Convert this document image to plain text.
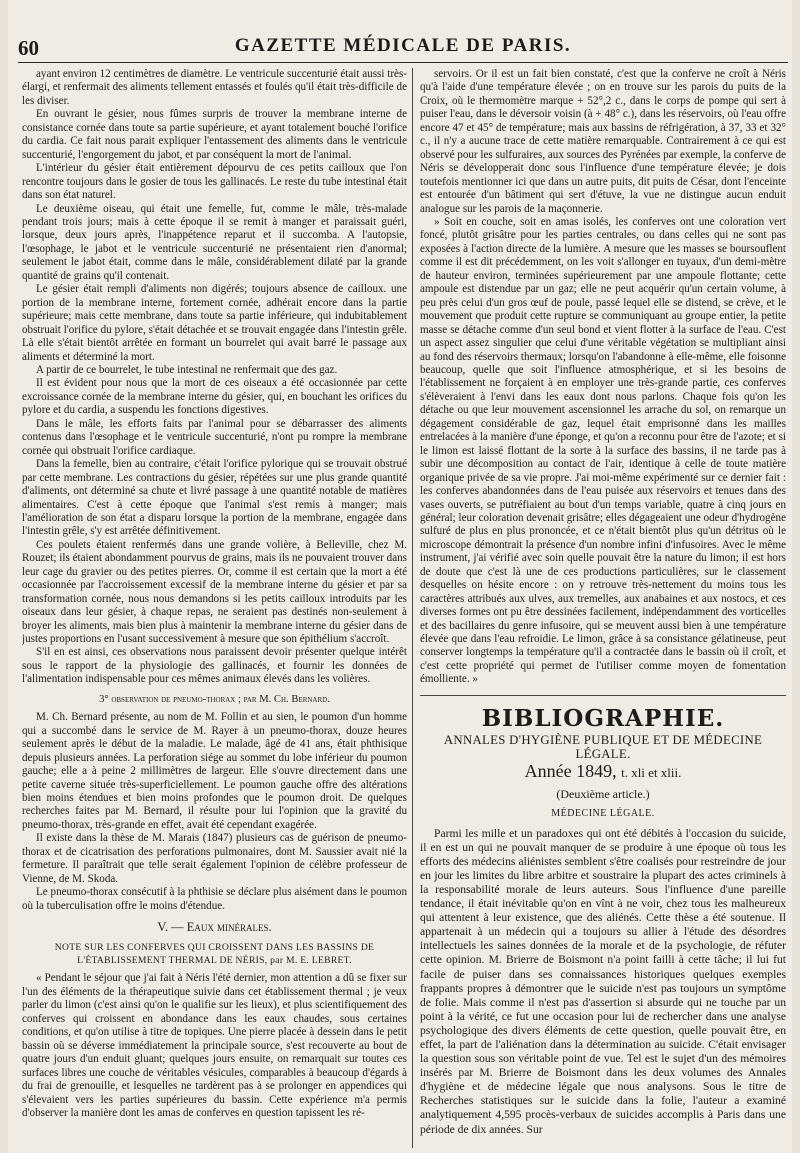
60	GAZETTE MÉDICALE DE PARIS.

ayant environ 12 centimètres de diamètre. Le ventricule succenturié était aussi très-élargi, et renfermait des aliments tellement entassés et foulés qu'il était très-difficile de les diviser.

En ouvrant le gésier, nous fûmes surpris de trouver la membrane interne de consistance cornée dans toute sa partie supérieure, et ayant totalement bouché l'orifice du cardia. Ce fait nous parait expliquer l'entassement des aliments dans le ventricule succenturié, l'engorgement du jabot, et par conséquent la mort de l'animal.

L'intérieur du gésier était entièrement dépourvu de ces petits cailloux que l'on rencontre toujours dans le gosier de tous les gallinacés. Le reste du tube intestinal était dans son état naturel.

Le deuxième oiseau, qui était une femelle, fut, comme le mâle, très-malade pendant trois jours; mais à cette époque il se remit à manger et paraissait guéri, lorsque, deux jours après, l'inappétence reparut et il succomba. A l'autopsie, l'œsophage, le jabot et le ventricule succenturié ne présentaient rien d'anormal; seulement le jabot était, comme dans le mâle, considérablement dilaté par la grande quantité de grains qu'il contenait.

Le gésier était rempli d'aliments non digérés; toujours absence de cailloux. une portion de la membrane interne, fortement cornée, adhérait encore dans la partie supérieure; mais cette membrane, dans toute sa partie inférieure, qui indubitablement obstruait l'orifice du pylore, s'était détachée et se trouvait engagée dans l'intestin grêle. Là elle s'était bientôt arrêtée en formant un bourrelet qui avait barré le passage aux aliments et déterminé la mort.

A partir de ce bourrelet, le tube intestinal ne renfermait que des gaz.

Il est évident pour nous que la mort de ces oiseaux a été occasionnée par cette excroissance cornée de la membrane interne du gésier, qui, en bouchant les orifices du pylore et du cardia, a suspendu les fonctions digestives.

Dans le mâle, les efforts faits par l'animal pour se débarrasser des aliments contenus dans l'œsophage et le ventricule succenturié, n'ont pu rompre la membrane cornée qui obstruait l'orifice cardiaque.

Dans la femelle, bien au contraire, c'était l'orifice pylorique qui se trouvait obstrué par cette membrane. Les contractions du gésier, répétées sur une plus grande quantité d'aliments, ont déterminé sa chute et livré passage à une quantité notable de matières alimentaires. C'est à cette époque que l'animal s'est remis à manger; mais l'amélioration de son état a disparu lorsque la portion de la membrane, engagée dans l'intestin grêle, s'y est arrêtée définitivement.

Ces poulets étaient renfermés dans une grande volière, à Belleville, chez M. Rouzet; ils étaient abondamment pourvus de grains, mais ils ne pouvaient trouver dans leur cage du gravier ou des petites pierres. Or, comme il est certain que la mort a été occasionnée par l'accroissement excessif de la membrane interne du gésier et par sa transformation cornée, nous nous demandons si les petits cailloux introduits par les oiseaux dans leur gésier, à chaque repas, ne seraient pas destinés non-seulement à broyer les aliments, mais bien plus à maintenir la membrane interne du gésier dans de justes proportions en l'usant successivement à mesure que son épithélium s'accroît.

S'il en est ainsi, ces observations nous paraissent devoir présenter quelque intérêt sous le rapport de la physiologie des gallinacés, et fournir les données de l'alimentation indispensable pour ces mêmes animaux élevés dans les volières.

3° observation de pneumo-thorax ; par M. Ch. Bernard.

M. Ch. Bernard présente, au nom de M. Follin et au sien, le poumon d'un homme qui a succombé dans le service de M. Rayer à un pneumo-thorax, douze heures seulement après le début de la maladie. Le malade, âgé de 41 ans, était phthisique depuis plusieurs années. La perforation siége au sommet du lobe inférieur du poumon gauche; elle a à peine 2 millimètres de largeur. Elle s'ouvre directement dans une petite caverne située très-superficiellement. Le poumon gauche offre des altérations bien moins étendues et bien moins profondes que le poumon droit. De quelques recherches faites par M. Bernard, il résulte pour lui l'opinion que la gravité du pneumo-thorax, très-grande en effet, avait été cependant exagérée.

Il existe dans la thèse de M. Marais (1847) plusieurs cas de guérison de pneumo-thorax et de cicatrisation des perforations pulmonaires, dont M. Saussier avait nié la fermeture. Il paraîtrait que telle serait également l'opinion de célèbre professeur de Vienne, de M. Skoda.

Le pneumo-thorax consécutif à la phthisie se déclare plus aisément dans le poumon où la tuberculisation offre le moins d'étendue.

V. — Eaux minérales.

NOTE SUR LES CONFERVES QUI CROISSENT DANS LES BASSINS DE L'ÉTABLISSEMENT THERMAL DE NÉRIS, par M. E. LEBRET.

« Pendant le séjour que j'ai fait à Néris l'été dernier, mon attention a dû se fixer sur l'un des éléments de la thérapeutique suivie dans cet établissement thermal ; je veux parler du limon (c'est ainsi qu'on le qualifie sur les lieux), et plus scientifiquement des conferves qui croissent en abondance dans les eaux chaudes, sous certaines conditions, et qu'on utilise à titre de topiques. Une pierre placée à dessein dans le petit bassin où se déverse immédiatement la principale source, s'est recouverte au bout de quatre jours d'un enduit gluant; quelques jours ensuite, on remarquait sur toutes ces surfaces libres une couche de véritables vésicules, comparables à beaucoup d'égards à du frai de grenouille, et lesquelles ne tardèrent pas à se prolonger en appendices qui s'élevaient vers les parties supérieures du bassin. Cette expérience m'a permis d'observer la manière dont les amas de conferves en question tapissent les ré-

servoirs. Or il est un fait bien constaté, c'est que la conferve ne croît à Néris qu'à l'aide d'une température élevée ; on en trouve sur les parois du puits de la Croix, où le thermomètre marque + 52°,2 c., dans le corps de pompe qui sert à puiser l'eau, dans le déversoir voisin (à + 48° c.), dans les réservoirs, où l'eau offre encore 47 et 45° de température; mais aux bassins de réfrigération, à 37, 33 et 32° c., il n'y a aucune trace de cette matière remarquable. Contrairement à ce qui est observé pour les sulfuraires, aux sources des Pyrénées par exemple, la conferve de Néris se développerait donc sous l'influence d'une température élevée; je dois toutefois mentionner ici que dans un autre puits, dit puits de César, dont l'enceinte est entourée d'un bâtiment qui sert d'étuve, la vue ne distingue aucun enduit analogue sur les parois de la maçonnerie.

» Soit en couche, soit en amas isolés, les conferves ont une coloration vert foncé, plutôt grisâtre pour les parties centrales, ou dans celles qui ne sont pas exposées à l'action directe de la lumière. A mesure que les masses se boursouflent comme il est dit précédemment, on les voit s'allonger en tuyaux, d'un demi-mètre de hauteur environ, terminées supérieurement par une ampoule flottante; cette ampoule est distendue par un gaz; elle ne peut acquérir qu'un certain volume, à peu près celui d'un gros œuf de poule, passé lequel elle se distend, se crève, et le mouvement que produit cette rupture se communiquant au groupe entier, la petite masse se détache comme d'un seul bond et vient flotter à la surface de l'eau. C'est un aspect assez singulier que celui d'une véritable végétation se multipliant ainsi au fond des réservoirs thermaux; lorsqu'on l'abandonne à elle-même, elle foisonne beaucoup, quelle que soit l'influence atmosphérique, et si les besoins de l'établissement ne forçaient à en employer une très-grande partie, ces conferves s'élèveraient à l'envi dans les eaux dont nous parlons. Chaque fois qu'on les détache ou que leur mouvement ascensionnel les arrache du sol, on remarque un dégagement considérable de gaz, lequel était emprisonné dans les mailles entrelacées à la manière d'une éponge, et qu'on a reconnu pour être de l'azote; et si le limon est laissé flottant de la sorte à la surface des bassins, il ne tarde pas à subir une décomposition au contact de l'air, identique à celle de toute matière organique privée de sa vie propre. J'ai moi-même expérimenté sur ce dernier fait : les conferves abandonnées dans de l'eau puisée aux réservoirs et tenues dans des vases ouverts, se putréfiaient au bout d'un temps variable, quatre à cinq jours en général; leur coloration devenait grisâtre; elles dégageaient une odeur d'hydrogène sulfuré de plus en plus prononcée, et ce n'était bientôt plus qu'un détritus où le microscope démontrait la présence d'un nombre infini d'infusoires. Avec le même instrument, j'ai vérifié avec soin quelle pouvait être la nature du limon; il est hors de doute que c'est là une de ces productions particulières, sur le classement desquelles on hésite encore : on y retrouve très-nettement du moins tous les caractères attribués aux ulves, aux tremelles, aux anabaines et aux nostocs, et ces diverses formes ont pu être dessinées facilement, indépendamment des vorticelles et des bacillaires du genre infusoire, qui se meuvent aussi bien à une température élevée que dans l'eau refroidie. Le limon, grâce à sa consistance gélatineuse, peut conserver longtemps la température qu'il a contractée dans le bassin où il croît, et c'est cette propriété qui permet de l'utiliser comme moyen de fomentation émolliente. »

BIBLIOGRAPHIE.

ANNALES D'HYGIÈNE PUBLIQUE ET DE MÉDECINE LÉGALE.

Année 1849, t. xli et xlii.

(Deuxième article.)

MÉDECINE LÉGALE.

Parmi les mille et un paradoxes qui ont été débités à l'occasion du suicide, il en est un qui ne pouvait manquer de se produire à une époque où tous les efforts des médecins aliénistes semblent s'être coalisés pour restreindre de jour en jour les limites du libre arbitre et soustraire la plupart des actes criminels à la responsabilité morale de leurs auteurs. Sous l'influence d'une pareille tendance, il était inévitable qu'on en vînt à ne voir, chez tous les malheureux qui attentent à leur existence, que des aliénés. Cette thèse a été soutenue. Il appartenait à un médecin qui a toujours su allier à l'étude des désordres intellectuels les saines données de la morale et de la psychologie, de réfuter cette opinion. M. Brierre de Boismont n'a point failli à cette tâche; il lui fut facile de puiser dans ses connaissances historiques quelques exemples frappants propres à démontrer que le suicide n'est pas toujours un symptôme de folie. Mais comme il n'est pas d'assertion si absurde qui ne touche par un point à la vérité, ce fut une occasion pour lui de rechercher dans une analyse psychologique des divers éléments de cette question, quelle pouvait être, en effet, la part de l'aliénation dans la détermination au suicide. C'était envisager la question sous son véritable point de vue. Tel est le sujet d'un des mémoires insérés par M. Brierre de Boismont dans les deux volumes des Annales d'hygiène et de médecine légale que nous analysons. Sous le titre de Recherches statistiques sur le suicide dans la folie, l'auteur a examiné analytiquement 4,595 procès-verbaux de suicides accomplis à Paris dans une période de dix années. Sur
